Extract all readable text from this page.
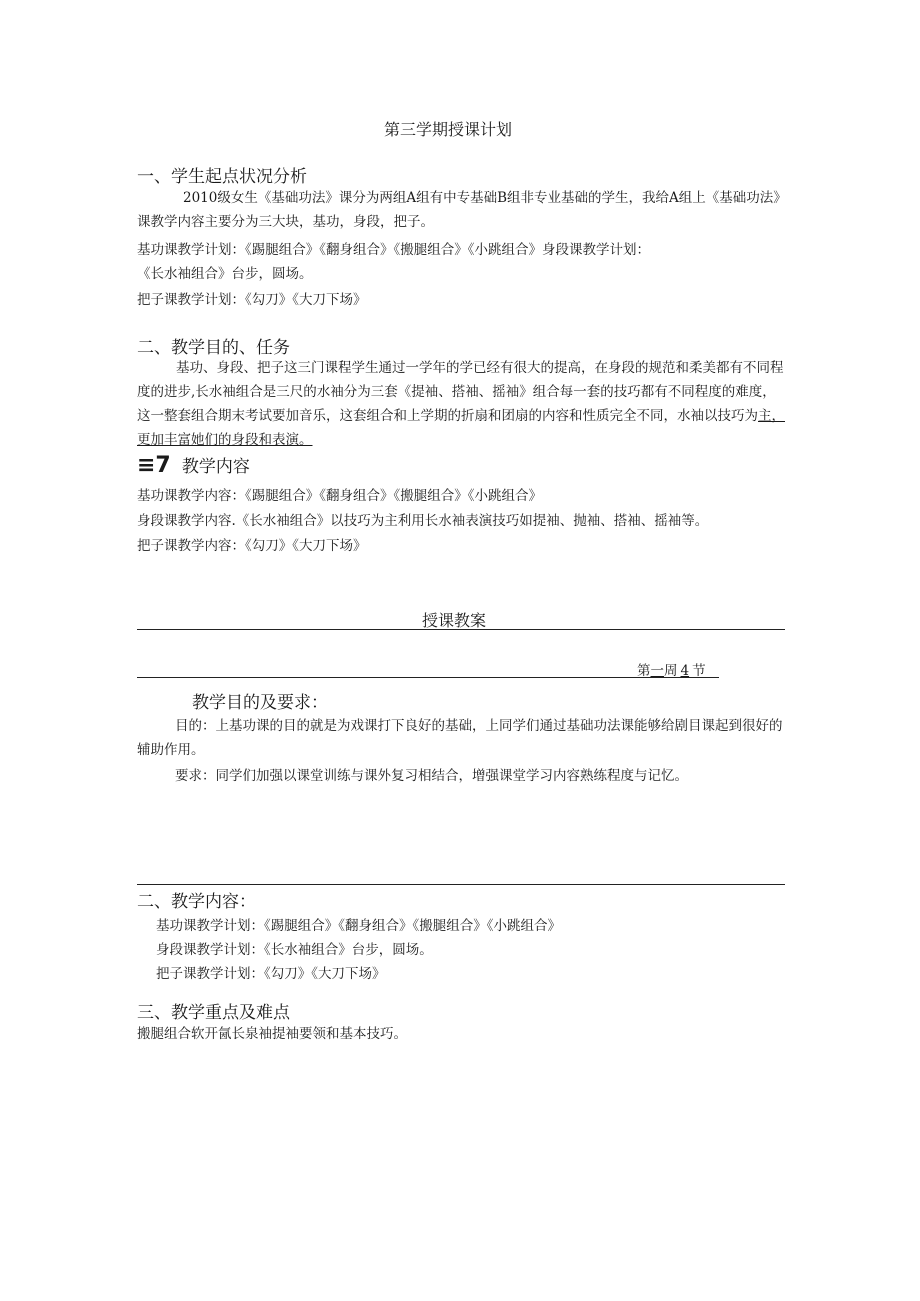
第三学期授课计划
一、学生起点状况分析
2010级女生《基础功法》课分为两组A组有中专基础B组非专业基础的学生，我给A组上《基础功法》课教学内容主要分为三大块，基功，身段，把子。
基功课教学计划：《踢腿组合》《翻身组合》《搬腿组合》《小跳组合》身段课教学计划：
《长水袖组合》台步，圆场。
把子课教学计划：《勾刀》《大刀下场》
二、教学目的、任务
基功、身段、把子这三门课程学生通过一学年的学已经有很大的提高，在身段的规范和柔美都有不同程度的进步,长水袖组合是三尺的水袖分为三套《提袖、搭袖、摇袖》组合每一套的技巧都有不同程度的难度，这一整套组合期末考试要加音乐，这套组合和上学期的折扇和团扇的内容和性质完全不同，水袖以技巧为主，更加丰富她们的身段和表演。
≡7 教学内容
基功课教学内容：《踢腿组合》《翻身组合》《搬腿组合》《小跳组合》
身段课教学内容.《长水袖组合》以技巧为主利用长水袖表演技巧如提袖、抛袖、搭袖、摇袖等。
把子课教学内容：《勾刀》《大刀下场》
授课教案
第一周 4 节
教学目的及要求：
目的：上基功课的目的就是为戏课打下良好的基础，上同学们通过基础功法课能够给剧目课起到很好的辅助作用。
要求：同学们加强以课堂训练与课外复习相结合，增强课堂学习内容熟练程度与记忆。
二、教学内容：
基功课教学计划：《踢腿组合》《翻身组合》《搬腿组合》《小跳组合》
身段课教学计划：《长水袖组合》台步，圆场。
把子课教学计划：《勾刀》《大刀下场》
三、教学重点及难点
搬腿组合软开氤长泉袖提袖要领和基本技巧。
